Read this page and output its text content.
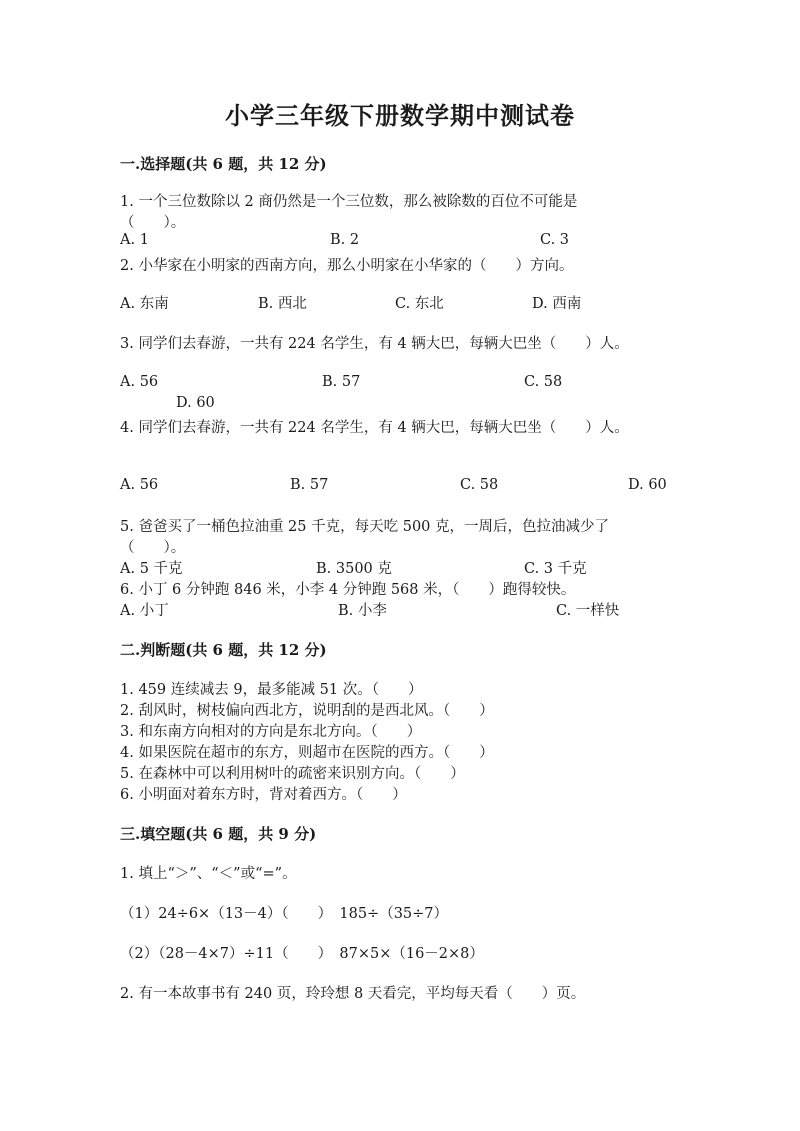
小学三年级下册数学期中测试卷
一.选择题(共 6 题，共 12 分)
1. 一个三位数除以 2 商仍然是一个三位数，那么被除数的百位不可能是
（　　）。
A. 1	B. 2	C. 3
2. 小华家在小明家的西南方向，那么小明家在小华家的（　　）方向。
A. 东南	B. 西北	C. 东北	D. 西南
3. 同学们去春游，一共有 224 名学生，有 4 辆大巴，每辆大巴坐（　　）人。
A. 56	B. 57	C. 58
D. 60
4. 同学们去春游，一共有 224 名学生，有 4 辆大巴，每辆大巴坐（　　）人。
A. 56	B. 57	C. 58	D. 60
5. 爸爸买了一桶色拉油重 25 千克，每天吃 500 克，一周后，色拉油减少了
（　　）。
A. 5 千克	B. 3500 克	C. 3 千克
6. 小丁 6 分钟跑 846 米，小李 4 分钟跑 568 米，（　　）跑得较快。
A. 小丁	B. 小李	C. 一样快
二.判断题(共 6 题，共 12 分)
1. 459 连续减去 9，最多能减 51 次。（　　）
2. 刮风时，树枝偏向西北方，说明刮的是西北风。（　　）
3. 和东南方向相对的方向是东北方向。（　　）
4. 如果医院在超市的东方，则超市在医院的西方。（　　）
5. 在森林中可以利用树叶的疏密来识别方向。（　　）
6. 小明面对着东方时，背对着西方。（　　）
三.填空题(共 6 题，共 9 分)
1. 填上“＞”、“＜”或“=”。
（1）24÷6×（13－4）（　　）　185÷（35÷7）
（2）（28－4×7）÷11（　　）　87×5×（16－2×8）
2. 有一本故事书有 240 页，玲玲想 8 天看完，平均每天看（　　）页。
